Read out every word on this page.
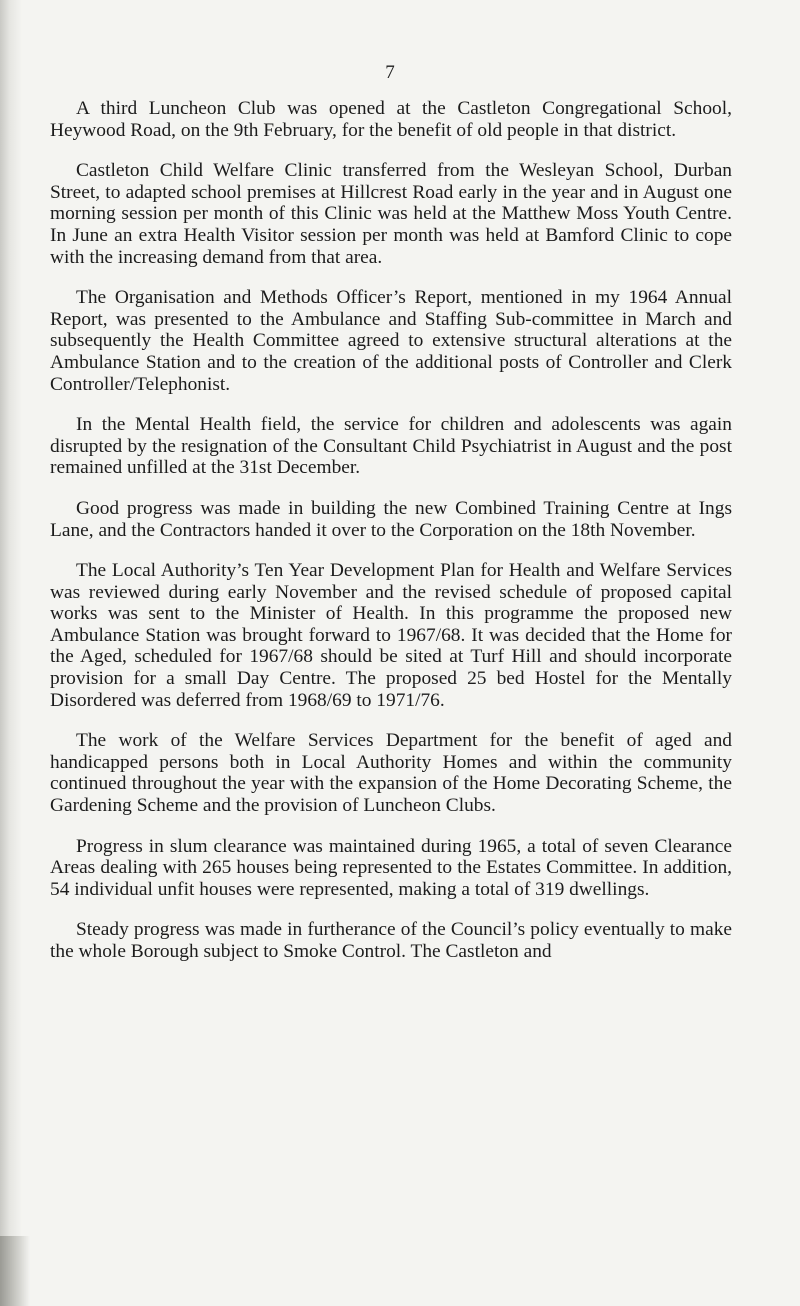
7

A third Luncheon Club was opened at the Castleton Congregational School, Heywood Road, on the 9th February, for the benefit of old people in that district.

Castleton Child Welfare Clinic transferred from the Wesleyan School, Durban Street, to adapted school premises at Hillcrest Road early in the year and in August one morning session per month of this Clinic was held at the Matthew Moss Youth Centre. In June an extra Health Visitor session per month was held at Bamford Clinic to cope with the increasing demand from that area.

The Organisation and Methods Officer’s Report, mentioned in my 1964 Annual Report, was presented to the Ambulance and Staffing Sub-committee in March and subsequently the Health Committee agreed to extensive structural alterations at the Ambulance Station and to the creation of the additional posts of Controller and Clerk Controller/Telephonist.

In the Mental Health field, the service for children and adolescents was again disrupted by the resignation of the Consultant Child Psychiatrist in August and the post remained unfilled at the 31st December.

Good progress was made in building the new Combined Training Centre at Ings Lane, and the Contractors handed it over to the Corporation on the 18th November.

The Local Authority’s Ten Year Development Plan for Health and Welfare Services was reviewed during early November and the revised schedule of proposed capital works was sent to the Minister of Health. In this programme the proposed new Ambulance Station was brought forward to 1967/68. It was decided that the Home for the Aged, scheduled for 1967/68 should be sited at Turf Hill and should incorporate provision for a small Day Centre. The proposed 25 bed Hostel for the Mentally Disordered was deferred from 1968/69 to 1971/76.

The work of the Welfare Services Department for the benefit of aged and handicapped persons both in Local Authority Homes and within the community continued throughout the year with the expansion of the Home Decorating Scheme, the Gardening Scheme and the provision of Luncheon Clubs.

Progress in slum clearance was maintained during 1965, a total of seven Clearance Areas dealing with 265 houses being represented to the Estates Committee. In addition, 54 individual unfit houses were represented, making a total of 319 dwellings.

Steady progress was made in furtherance of the Council’s policy eventually to make the whole Borough subject to Smoke Control. The Castleton and
